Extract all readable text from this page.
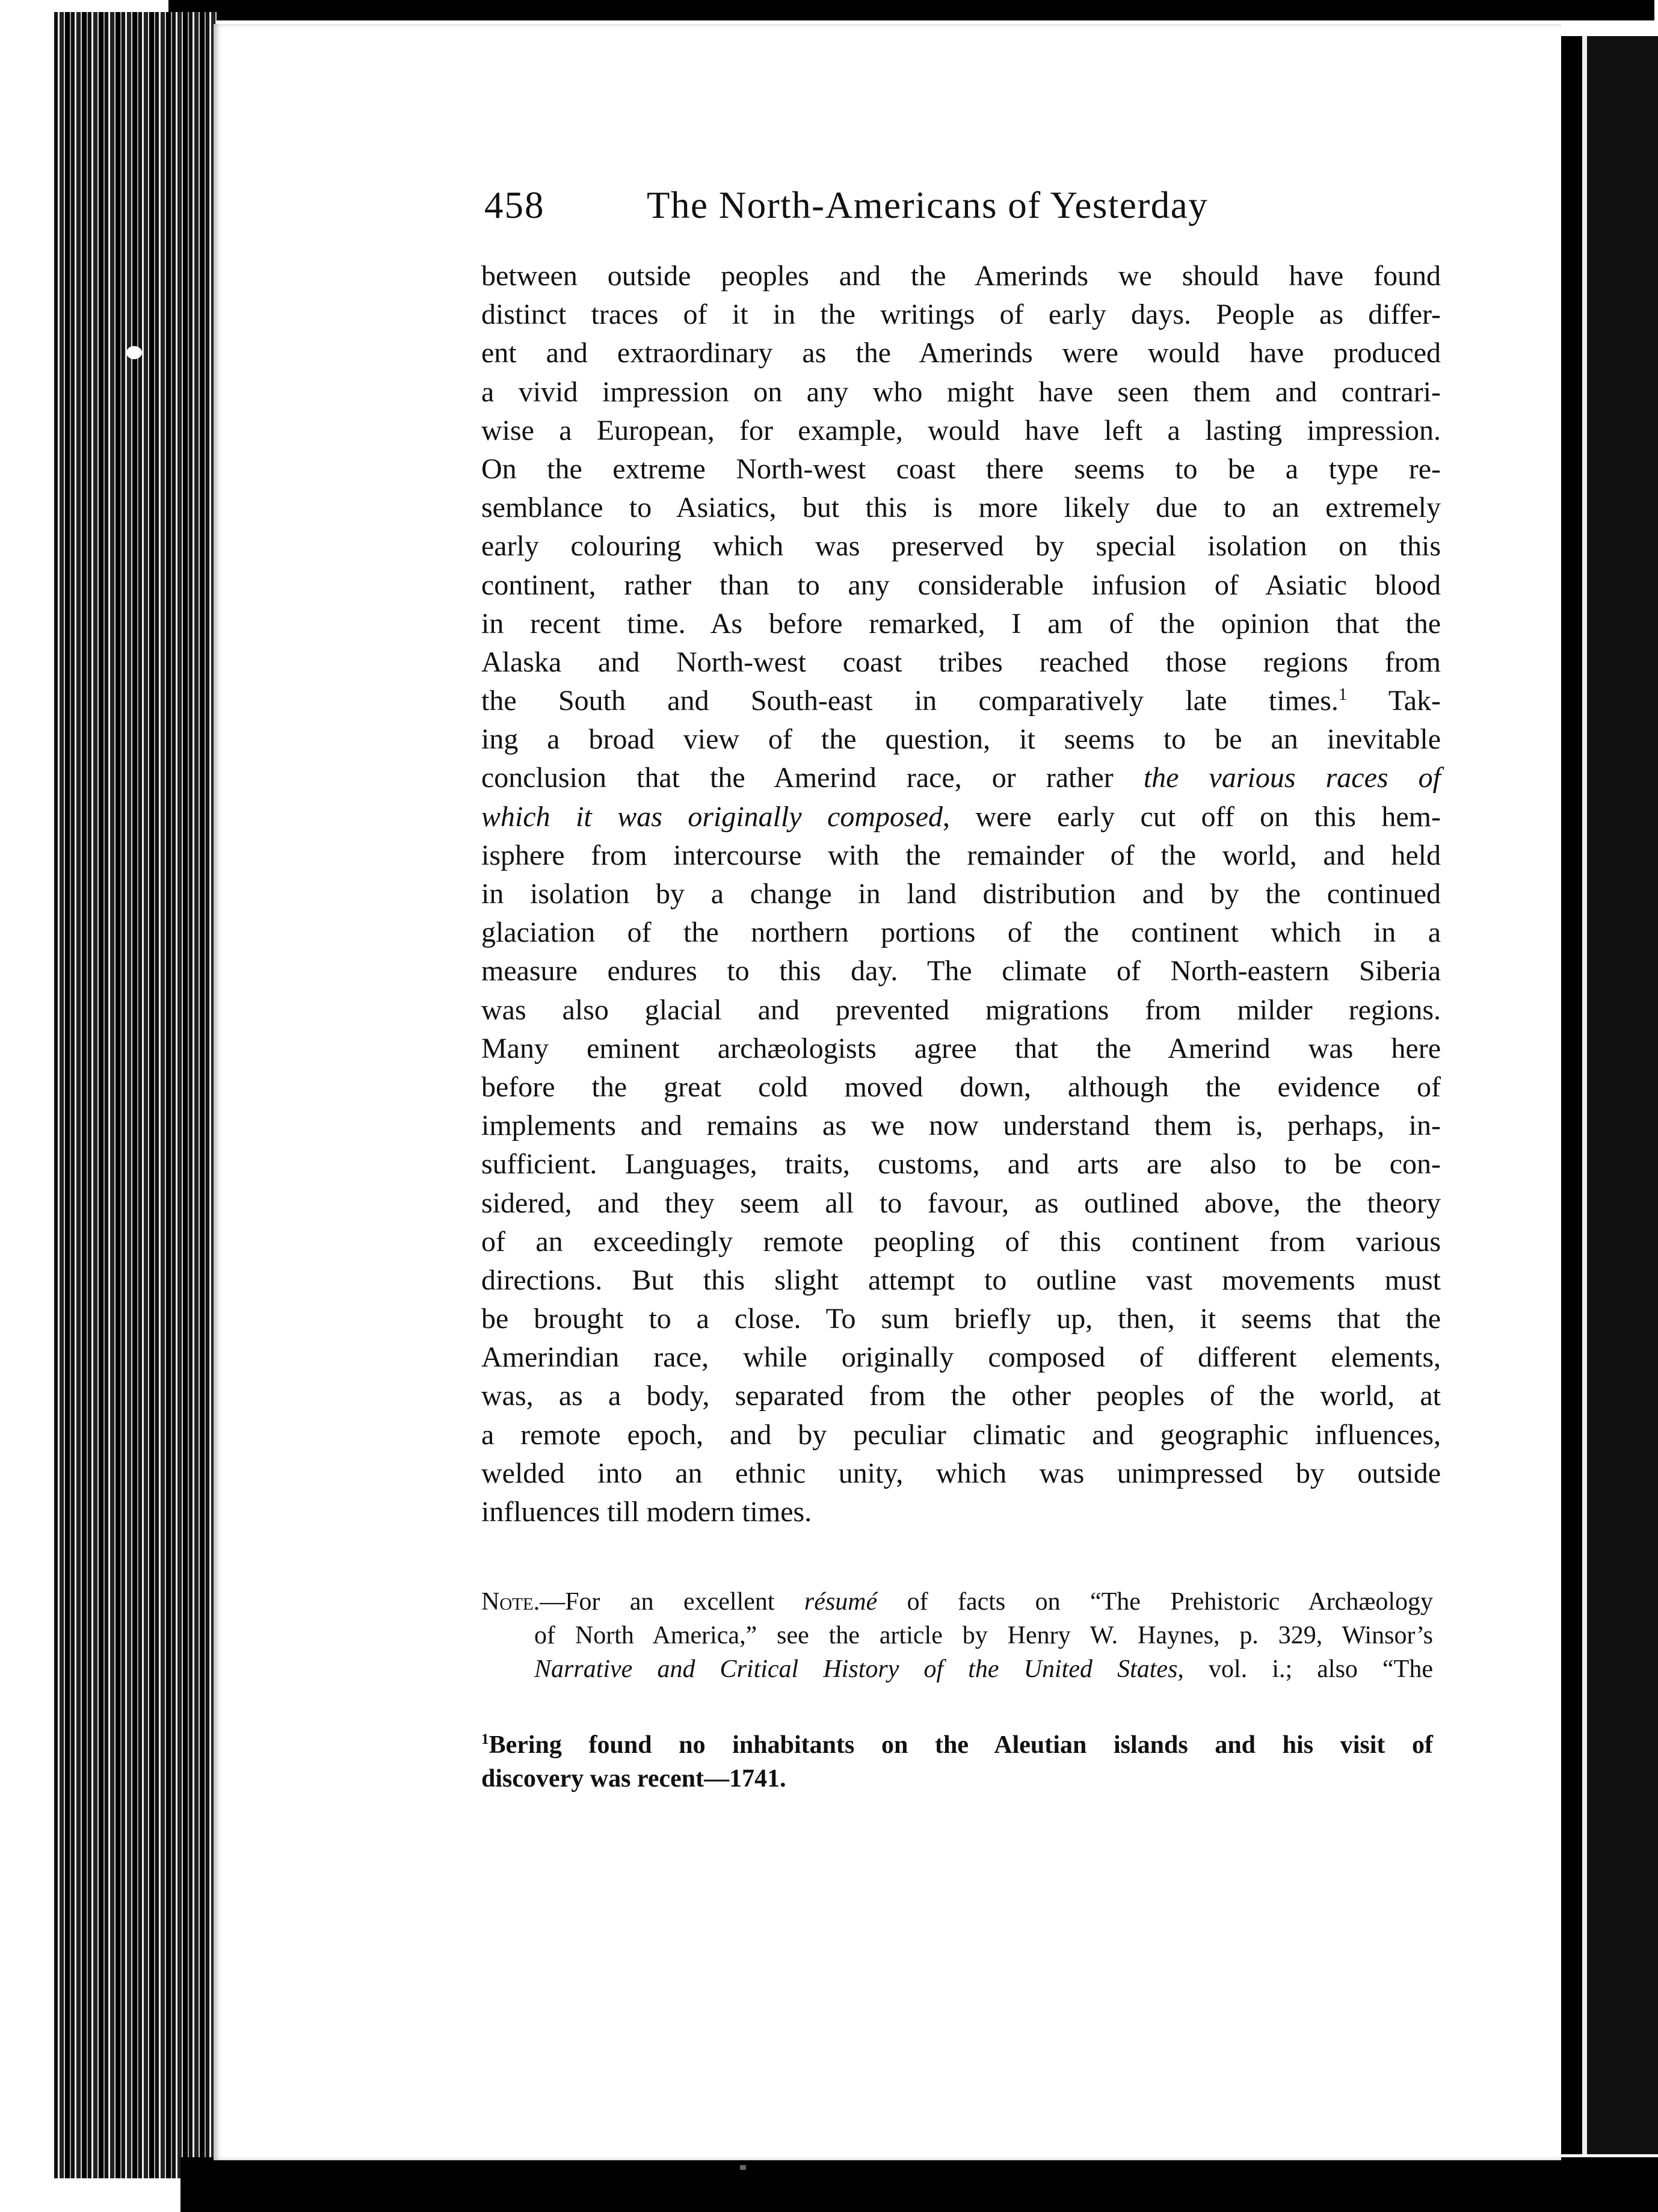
458	The North-Americans of Yesterday
between outside peoples and the Amerinds we should have found
distinct traces of it in the writings of early days. People as differ-
ent and extraordinary as the Amerinds were would have produced
a vivid impression on any who might have seen them and contrari-
wise a European, for example, would have left a lasting impression.
On the extreme North-west coast there seems to be a type re-
semblance to Asiatics, but this is more likely due to an extremely
early colouring which was preserved by special isolation on this
continent, rather than to any considerable infusion of Asiatic blood
in recent time. As before remarked, I am of the opinion that the
Alaska and North-west coast tribes reached those regions from
the South and South-east in comparatively late times.$^1$ Tak-
ing a broad view of the question, it seems to be an inevitable
conclusion that the Amerind race, or rather the various races of
which it was originally composed, were early cut off on this hem-
isphere from intercourse with the remainder of the world, and held
in isolation by a change in land distribution and by the continued
glaciation of the northern portions of the continent which in a
measure endures to this day. The climate of North-eastern Siberia
was also glacial and prevented migrations from milder regions.
Many eminent archæologists agree that the Amerind was here
before the great cold moved down, although the evidence of
implements and remains as we now understand them is, perhaps, in-
sufficient. Languages, traits, customs, and arts are also to be con-
sidered, and they seem all to favour, as outlined above, the theory
of an exceedingly remote peopling of this continent from various
directions. But this slight attempt to outline vast movements must
be brought to a close. To sum briefly up, then, it seems that the
Amerindian race, while originally composed of different elements,
was, as a body, separated from the other peoples of the world, at
a remote epoch, and by peculiar climatic and geographic influences,
welded into an ethnic unity, which was unimpressed by outside
influences till modern times.
Note.—For an excellent résumé of facts on “The Prehistoric Archæology
of North America,” see the article by Henry W. Haynes, p. 329, Winsor’s
Narrative and Critical History of the United States, vol. i.; also “The
$^1$Bering found no inhabitants on the Aleutian islands and his visit of
discovery was recent—1741.
